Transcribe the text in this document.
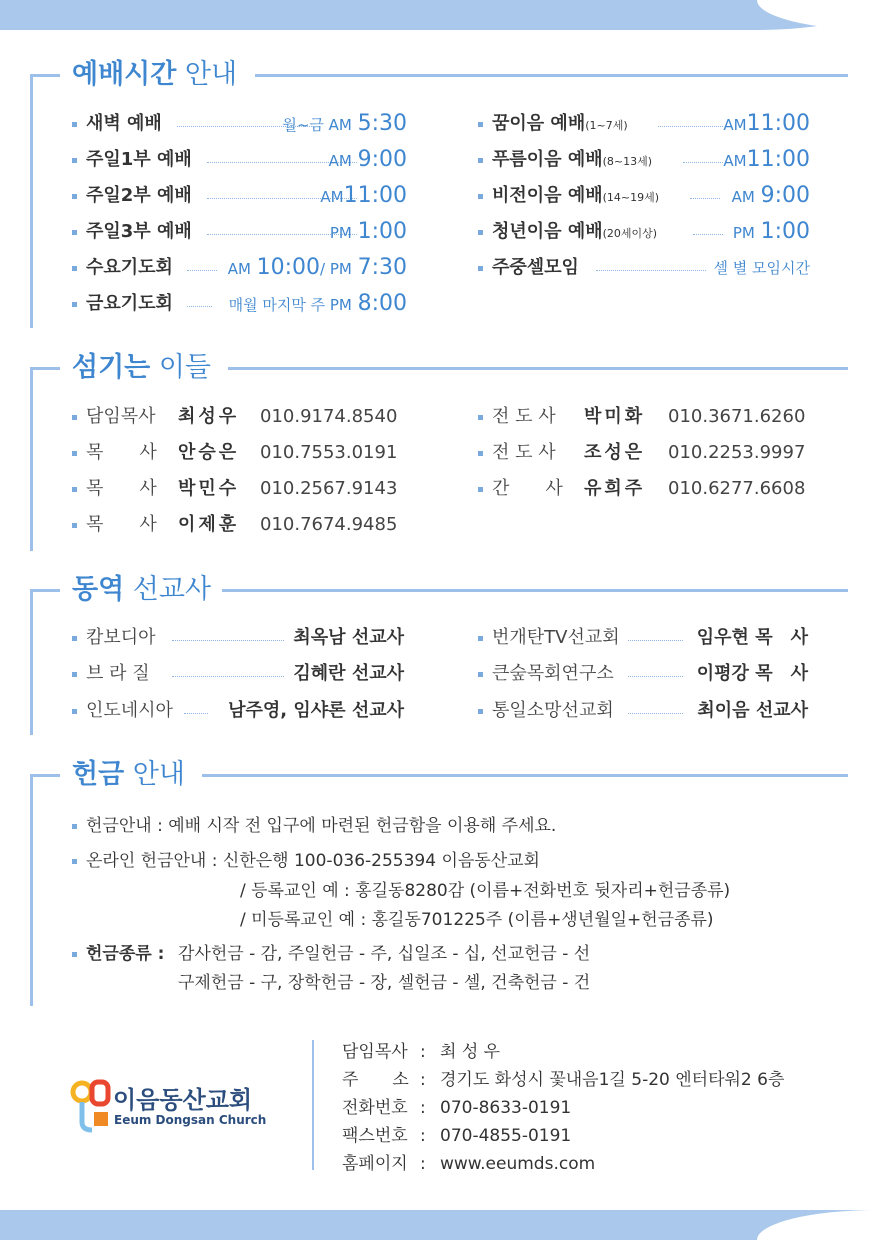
예배시간 안내
새벽 예배	월~금 AM 5:30
주일1부 예배	AM 9:00
주일2부 예배	AM11:00
주일3부 예배	PM 1:00
수요기도회	AM 10:00/ PM 7:30
금요기도회	매월 마지막 주 PM 8:00
꿈이음 예배(1~7세)	AM11:00
푸름이음 예배(8~13세)	AM11:00
비전이음 예배(14~19세)	AM 9:00
청년이음 예배(20세이상)	PM 1:00
주중셀모임	셀 별 모임시간
섬기는 이들
담임목사 최성우 010.9174.8540
목　　사 안승은 010.7553.0191
목　　사 박민수 010.2567.9143
목　　사 이제훈 010.7674.9485
전 도 사 박미화 010.3671.6260
전 도 사 조성은 010.2253.9997
간　　사 유희주 010.6277.6608
동역 선교사
캄보디아	최옥남 선교사
브 라 질	김혜란 선교사
인도네시아	남주영, 임샤론 선교사
번개탄TV선교회	임우현 목　사
큰숲목회연구소	이평강 목　사
통일소망선교회	최이음 선교사
헌금 안내
헌금안내 : 예배 시작 전 입구에 마련된 헌금함을 이용해 주세요.
온라인 헌금안내 : 신한은행 100-036-255394 이음동산교회
/ 등록교인 예 : 홍길동8280감 (이름+전화번호 뒷자리+헌금종류)
/ 미등록교인 예 : 홍길동701225주 (이름+생년월일+헌금종류)
헌금종류 : 감사헌금 - 감, 주일헌금 - 주, 십일조 - 십, 선교헌금 - 선
구제헌금 - 구, 장학헌금 - 장, 셀헌금 - 셀, 건축헌금 - 건
이음동산교회
Eeum Dongsan Church
담임목사 : 최 성 우
주　　소 : 경기도 화성시 꽃내음1길 5-20 엔터타워2 6층
전화번호 : 070-8633-0191
팩스번호 : 070-4855-0191
홈페이지 : www.eeumds.com
